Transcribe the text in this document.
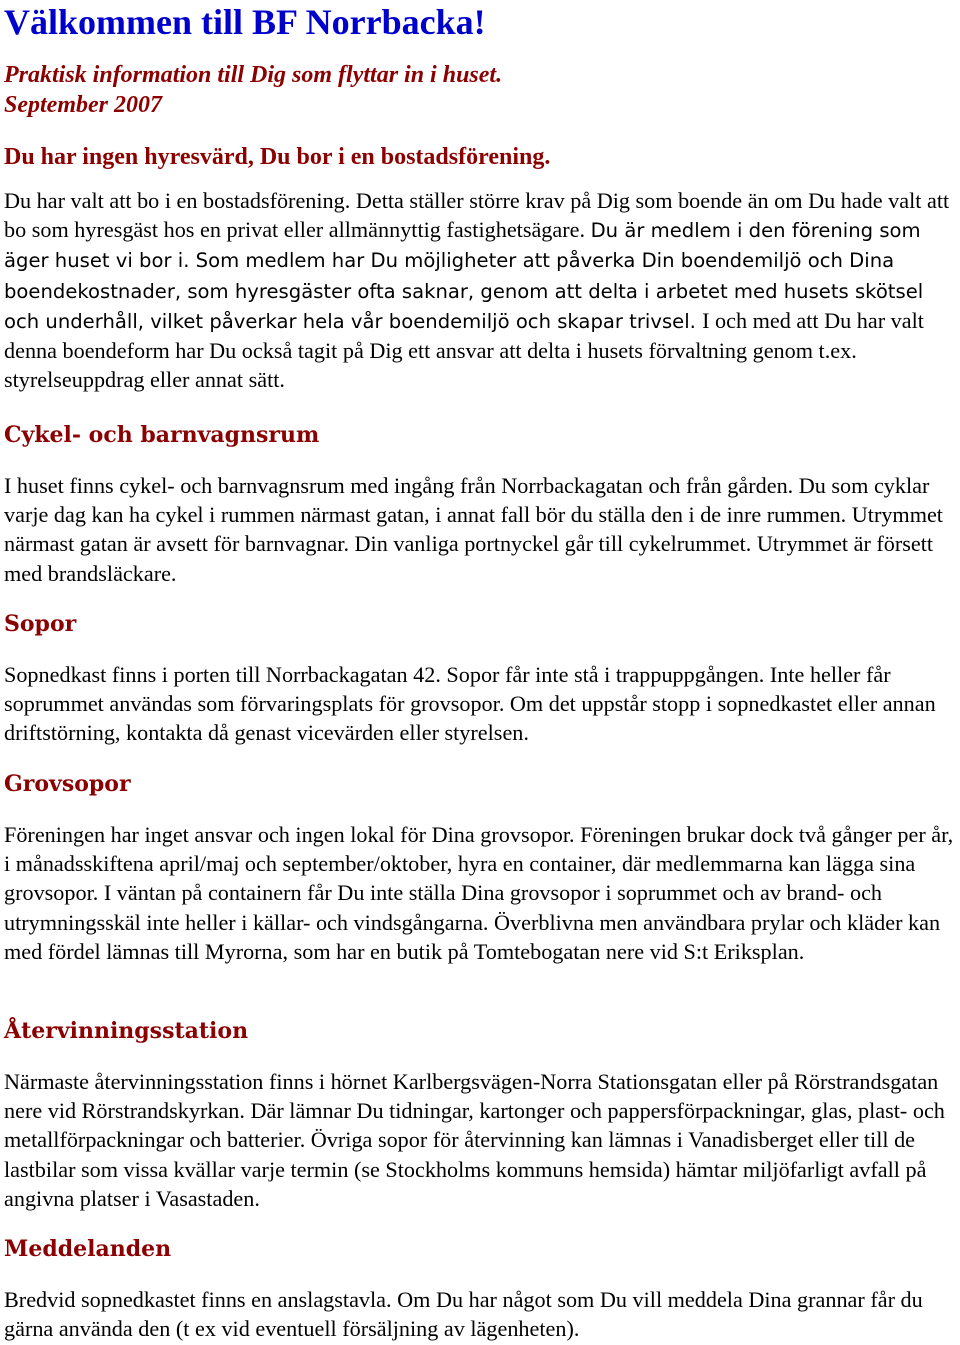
Välkommen till BF Norrbacka!
Praktisk information till Dig som flyttar in i huset.
September 2007
Du har ingen hyresvärd, Du bor i en bostadsförening.

Du har valt att bo i en bostadsförening. Detta ställer större krav på Dig som boende än om Du hade valt att bo som hyresgäst hos en privat eller allmännyttig fastighetsägare. Du är medlem i den förening som äger huset vi bor i. Som medlem har Du möjligheter att påverka Din boendemiljö och Dina boendekostnader, som hyresgäster ofta saknar, genom att delta i arbetet med husets skötsel och underhåll, vilket påverkar hela vår boendemiljö och skapar trivsel. I och med att Du har valt denna boendeform har Du också tagit på Dig ett ansvar att delta i husets förvaltning genom t.ex. styrelseuppdrag eller annat sätt.

Cykel- och barnvagnsrum

I huset finns cykel- och barnvagnsrum med ingång från Norrbackagatan och från gården. Du som cyklar varje dag kan ha cykel i rummen närmast gatan, i annat fall bör du ställa den i de inre rummen. Utrymmet närmast gatan är avsett för barnvagnar. Din vanliga portnyckel går till cykelrummet. Utrymmet är försett med brandsläckare.

Sopor

Sopnedkast finns i porten till Norrbackagatan 42. Sopor får inte stå i trappuppgången. Inte heller får soprummet användas som förvaringsplats för grovsopor. Om det uppstår stopp i sopnedkastet eller annan driftstörning, kontakta då genast vicevärden eller styrelsen.

Grovsopor

Föreningen har inget ansvar och ingen lokal för Dina grovsopor. Föreningen brukar dock två gånger per år, i månadsskiftena april/maj och september/oktober, hyra en container, där medlemmarna kan lägga sina grovsopor. I väntan på containern får Du inte ställa Dina grovsopor i soprummet och av brand- och utrymningsskäl inte heller i källar- och vindsgångarna. Överblivna men användbara prylar och kläder kan med fördel lämnas till Myrorna, som har en butik på Tomtebogatan nere vid S:t Eriksplan.

Återvinningsstation

Närmaste återvinningsstation finns i hörnet Karlbergsvägen-Norra Stationsgatan eller på Rörstrandsgatan nere vid Rörstrandskyrkan. Där lämnar Du tidningar, kartonger och pappersförpackningar, glas, plast- och metallförpackningar och batterier. Övriga sopor för återvinning kan lämnas i Vanadisberget eller till de lastbilar som vissa kvällar varje termin (se Stockholms kommuns hemsida) hämtar miljöfarligt avfall på angivna platser i Vasastaden.

Meddelanden

Bredvid sopnedkastet finns en anslagstavla. Om Du har något som Du vill meddela Dina grannar får du gärna använda den (t ex vid eventuell försäljning av lägenheten).
